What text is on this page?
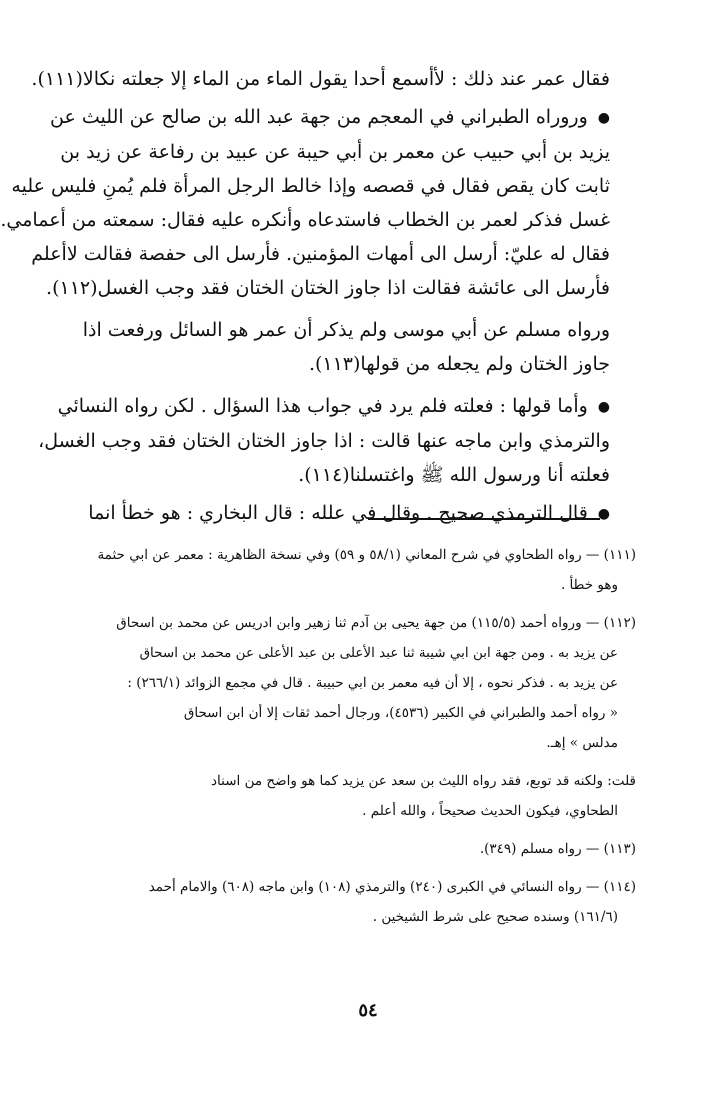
فقال عمر عند ذلك : لأأسمع أحدا يقول الماء من الماء إلا جعلته نكالا(١١١).
●وروراه الطبراني في المعجم من جهة عبد الله بن صالح عن الليث عن
يزيد بن أبي حبيب عن معمر بن أبي حيبة عن عبيد بن رفاعة عن زيد بن
ثابت كان يقص فقال في قصصه وإذا خالط الرجل المرأة فلم يُمنِ فليس عليه
غسل فذكر لعمر بن الخطاب فاستدعاه وأنكره عليه فقال: سمعته من أعمامي.
فقال له عليّ: أرسل الى أمهات المؤمنين. فأرسل الى حفصة فقالت لاأعلم
فأرسل الى عائشة فقالت اذا جاوز الختان الختان فقد وجب الغسل(١١٢).
ورواه مسلم عن أبي موسى ولم يذكر أن عمر هو السائل ورفعت اذا
جاوز الختان ولم يجعله من قولها(١١٣).
●وأما قولها : فعلته فلم يرد في جواب هذا السؤال . لكن رواه النسائي
والترمذي وابن ماجه عنها قالت : اذا جاوز الختان الختان فقد وجب الغسل،
فعلته أنا ورسول الله ﷺ واغتسلنا(١١٤).
●قال الترمذي صحيح . وقال في علله : قال البخاري : هو خطأ انما
(١١١) — رواه الطحاوي في شرح المعاني (٥٨/١ و ٥٩) وفي نسخة الظاهرية : معمر عن ابي حثمة
وهو خطأ .
(١١٢) — ورواه أحمد (١١٥/٥) من جهة يحيى بن آدم ثنا زهير وابن ادريس عن محمد بن اسحاق
عن يزيد به . ومن جهة ابن ابي شيبة ثنا عبد الأعلى بن عبد الأعلى عن محمد بن اسحاق
عن يزيد به . فذكر نحوه ، إلا أن فيه معمر بن ابي حبيبة . قال في مجمع الزوائد (٢٦٦/١) :
« رواه أحمد والطبراني في الكبير (٤٥٣٦)، ورجال أحمد ثقات إلا أن ابن اسحاق
مدلس » إهـ.
قلت: ولكنه قد توبع، فقد رواه الليث بن سعد عن يزيد كما هو واضح من اسناد
الطحاوي، فيكون الحديث صحيحاً ، والله أعلم .
(١١٣) — رواه مسلم (٣٤٩).
(١١٤) — رواه النسائي في الكبرى (٢٤٠) والترمذي (١٠٨) وابن ماجه (٦٠٨) والامام أحمد
(١٦١/٦) وسنده صحيح على شرط الشيخين .
٥٤
